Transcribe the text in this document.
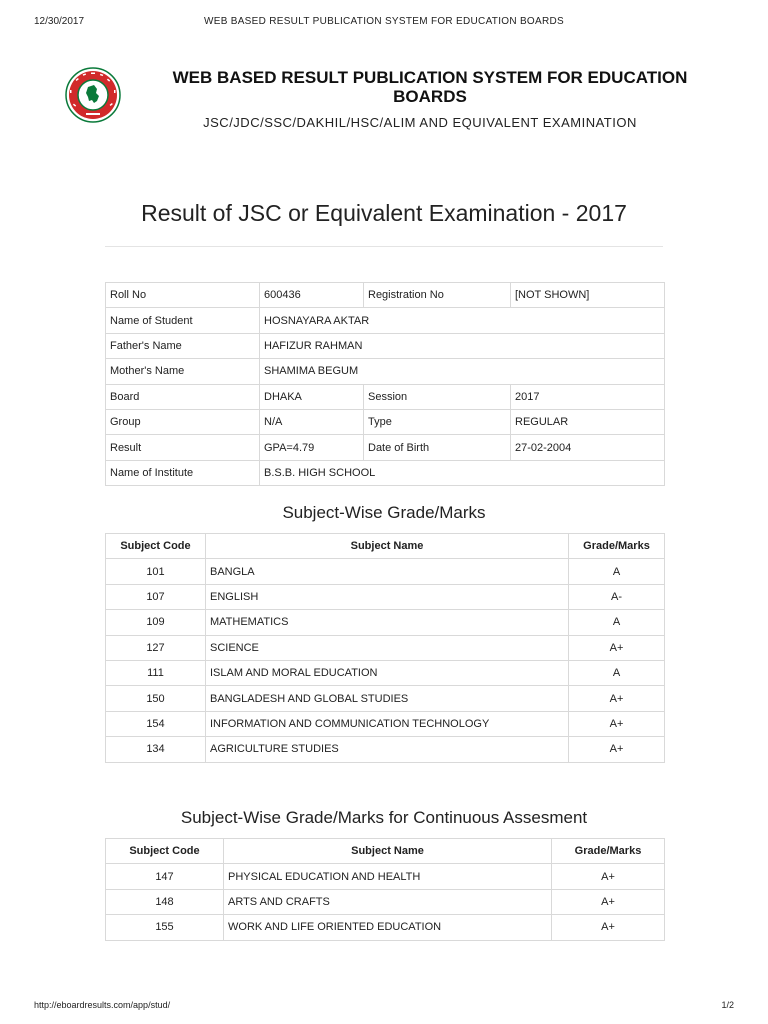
12/30/2017	WEB BASED RESULT PUBLICATION SYSTEM FOR EDUCATION BOARDS
WEB BASED RESULT PUBLICATION SYSTEM FOR EDUCATION BOARDS
JSC/JDC/SSC/DAKHIL/HSC/ALIM AND EQUIVALENT EXAMINATION
Result of JSC or Equivalent Examination - 2017
Roll No	600436	Registration No	[NOT SHOWN]
Name of Student	HOSNAYARA AKTAR		
Father's Name	HAFIZUR RAHMAN		
Mother's Name	SHAMIMA BEGUM		
Board	DHAKA	Session	2017
Group	N/A	Type	REGULAR
Result	GPA=4.79	Date of Birth	27-02-2004
Name of Institute	B.S.B. HIGH SCHOOL		
Subject-Wise Grade/Marks
Subject Code	Subject Name	Grade/Marks
101	BANGLA	A
107	ENGLISH	A-
109	MATHEMATICS	A
127	SCIENCE	A+
111	ISLAM AND MORAL EDUCATION	A
150	BANGLADESH AND GLOBAL STUDIES	A+
154	INFORMATION AND COMMUNICATION TECHNOLOGY	A+
134	AGRICULTURE STUDIES	A+
Subject-Wise Grade/Marks for Continuous Assesment
Subject Code	Subject Name	Grade/Marks
147	PHYSICAL EDUCATION AND HEALTH	A+
148	ARTS AND CRAFTS	A+
155	WORK AND LIFE ORIENTED EDUCATION	A+
http://eboardresults.com/app/stud/	1/2
